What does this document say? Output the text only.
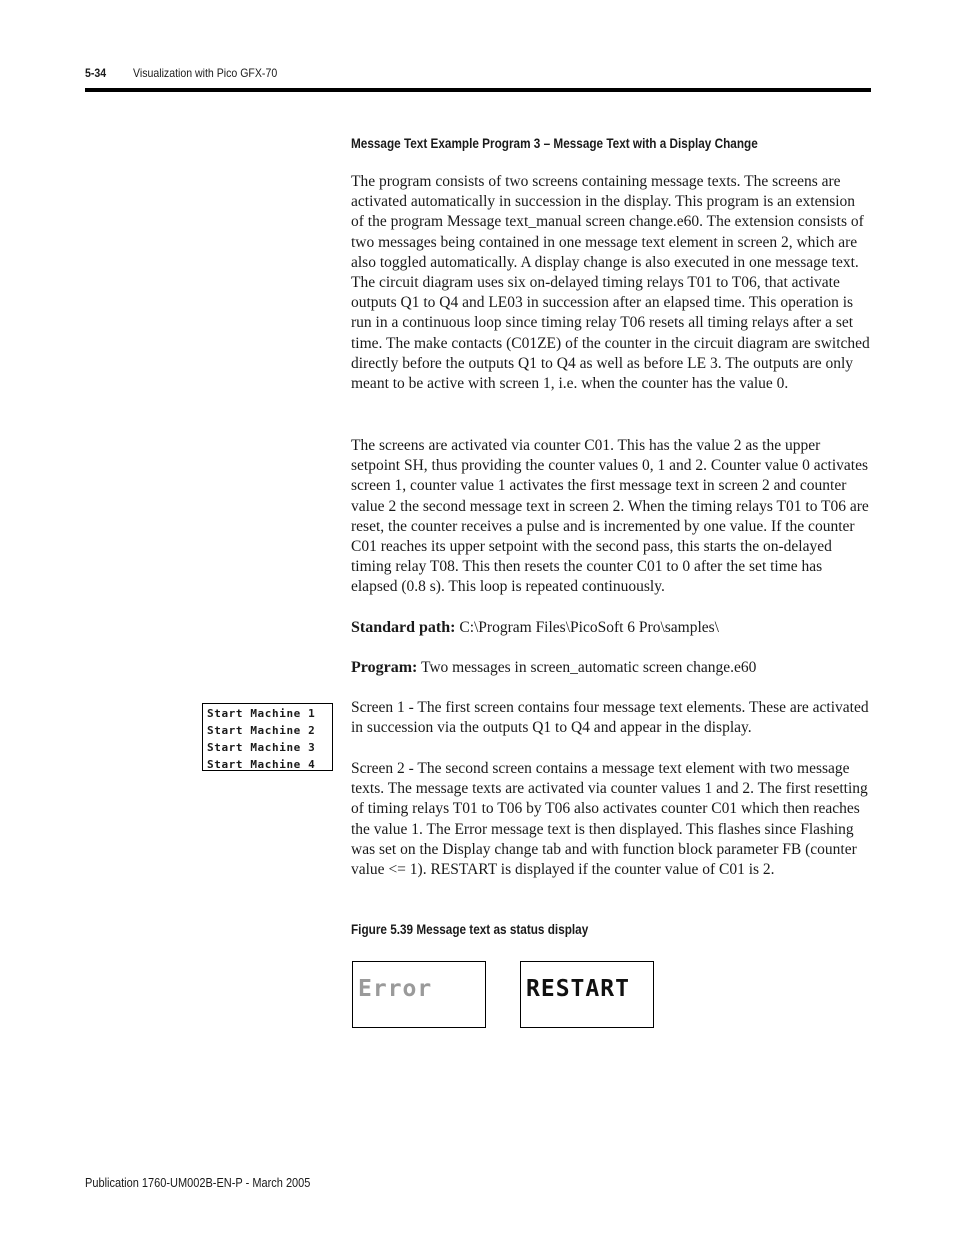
5-34 Visualization with Pico GFX-70
Message Text Example Program 3 – Message Text with a Display Change
The program consists of two screens containing message texts. The screens are activated automatically in succession in the display. This program is an extension of the program Message text_manual screen change.e60. The extension consists of two messages being contained in one message text element in screen 2, which are also toggled automatically. A display change is also executed in one message text. The circuit diagram uses six on-delayed timing relays T01 to T06, that activate outputs Q1 to Q4 and LE03 in succession after an elapsed time. This operation is run in a continuous loop since timing relay T06 resets all timing relays after a set time. The make contacts (C01ZE) of the counter in the circuit diagram are switched directly before the outputs Q1 to Q4 as well as before LE 3. The outputs are only meant to be active with screen 1, i.e. when the counter has the value 0.
The screens are activated via counter C01. This has the value 2 as the upper setpoint SH, thus providing the counter values 0, 1 and 2. Counter value 0 activates screen 1, counter value 1 activates the first message text in screen 2 and counter value 2 the second message text in screen 2. When the timing relays T01 to T06 are reset, the counter receives a pulse and is incremented by one value. If the counter C01 reaches its upper setpoint with the second pass, this starts the on-delayed timing relay T08. This then resets the counter C01 to 0 after the set time has elapsed (0.8 s). This loop is repeated continuously.
Standard path: C:\Program Files\PicoSoft 6 Pro\samples\
Program: Two messages in screen_automatic screen change.e60
Screen 1 - The first screen contains four message text elements. These are activated in succession via the outputs Q1 to Q4 and appear in the display.
Screen 2 - The second screen contains a message text element with two message texts. The message texts are activated via counter values 1 and 2. The first resetting of timing relays T01 to T06 by T06 also activates counter C01 which then reaches the value 1. The Error message text is then displayed. This flashes since Flashing was set on the Display change tab and with function block parameter FB (counter value <= 1). RESTART is displayed if the counter value of C01 is 2.
Start Machine 1
Start Machine 2
Start Machine 3
Start Machine 4
Figure 5.39 Message text as status display
Error	RESTART
Publication 1760-UM002B-EN-P - March 2005
